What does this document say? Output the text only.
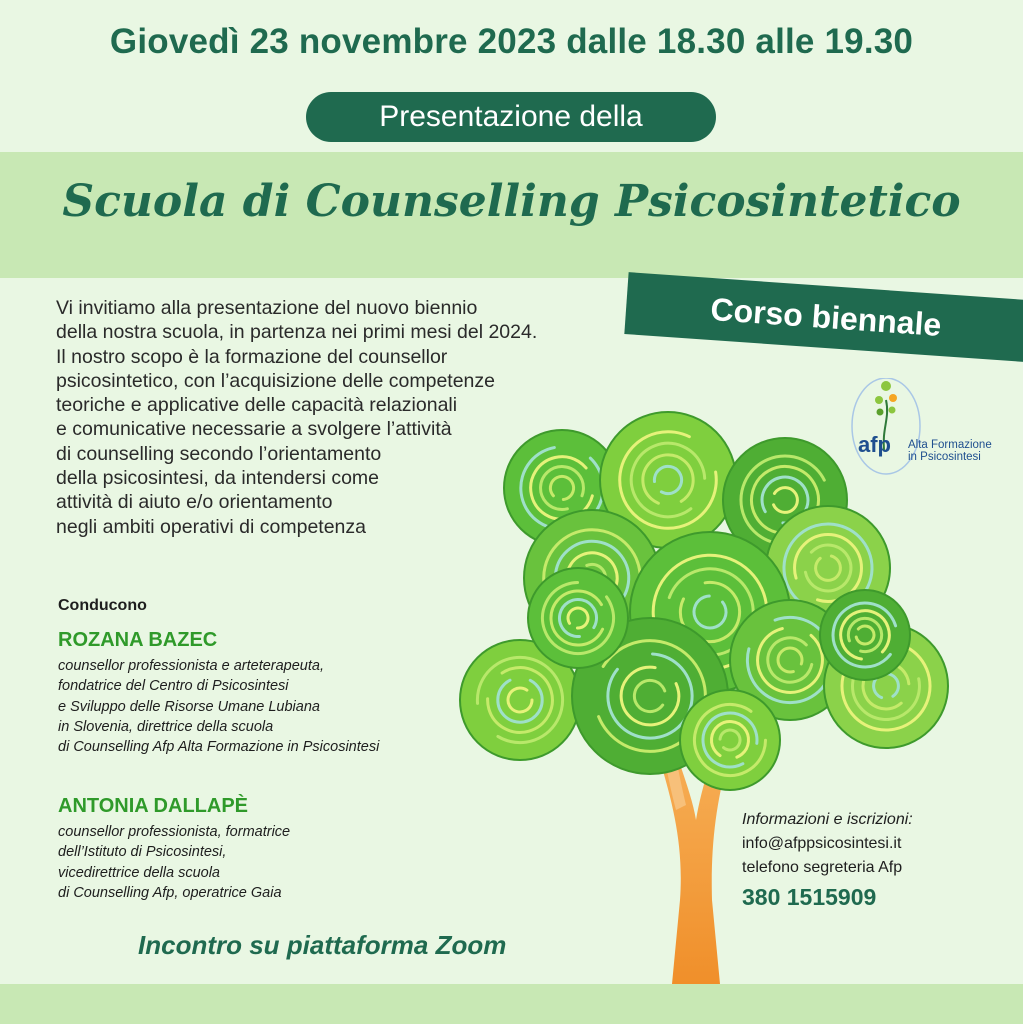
Giovedì 23 novembre 2023 dalle 18.30 alle 19.30
Presentazione della
Scuola di Counselling Psicosintetico
Corso biennale
Vi invitiamo alla presentazione del nuovo biennio
della nostra scuola, in partenza nei primi mesi del 2024.
Il nostro scopo è la formazione del counsellor
psicosintetico, con l’acquisizione delle competenze
teoriche e applicative delle capacità relazionali
e comunicative necessarie a svolgere l’attività
di counselling secondo l’orientamento
della psicosintesi, da intendersi come
attività di aiuto e/o orientamento
negli ambiti operativi di competenza
afp Alta Formazione
in Psicosintesi
Conducono
ROZANA BAZEC
counsellor professionista e arteterapeuta,
fondatrice del Centro di Psicosintesi
e Sviluppo delle Risorse Umane Lubiana
in Slovenia, direttrice della scuola
di Counselling Afp Alta Formazione in Psicosintesi
ANTONIA DALLAPÈ
counsellor professionista, formatrice
dell’Istituto di Psicosintesi,
vicedirettrice della scuola
di Counselling Afp, operatrice Gaia
Informazioni e iscrizioni:
info@afppsicosintesi.it
telefono segreteria Afp
380 1515909
Incontro su piattaforma Zoom
